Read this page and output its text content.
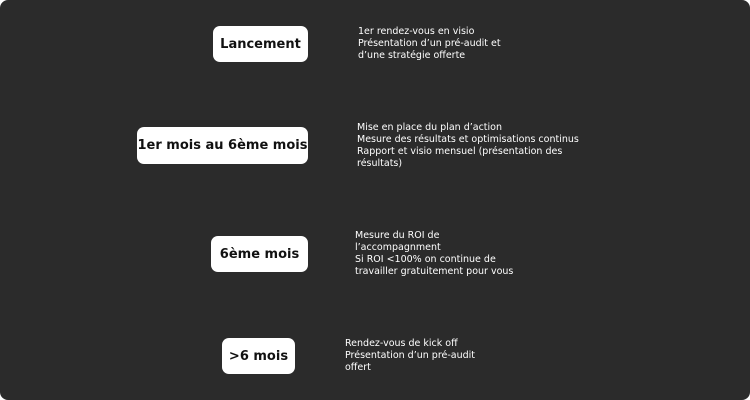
Lancement
1er rendez-vous en visio
Présentation d’un pré-audit et
d’une stratégie offerte
1er mois au 6ème mois
Mise en place du plan d’action
Mesure des résultats et optimisations continus
Rapport et visio mensuel (présentation des
résultats)
6ème mois
Mesure du ROI de
l’accompagnment
Si ROI <100% on continue de
travailler gratuitement pour vous
>6 mois
Rendez-vous de kick off
Présentation d’un pré-audit
offert
